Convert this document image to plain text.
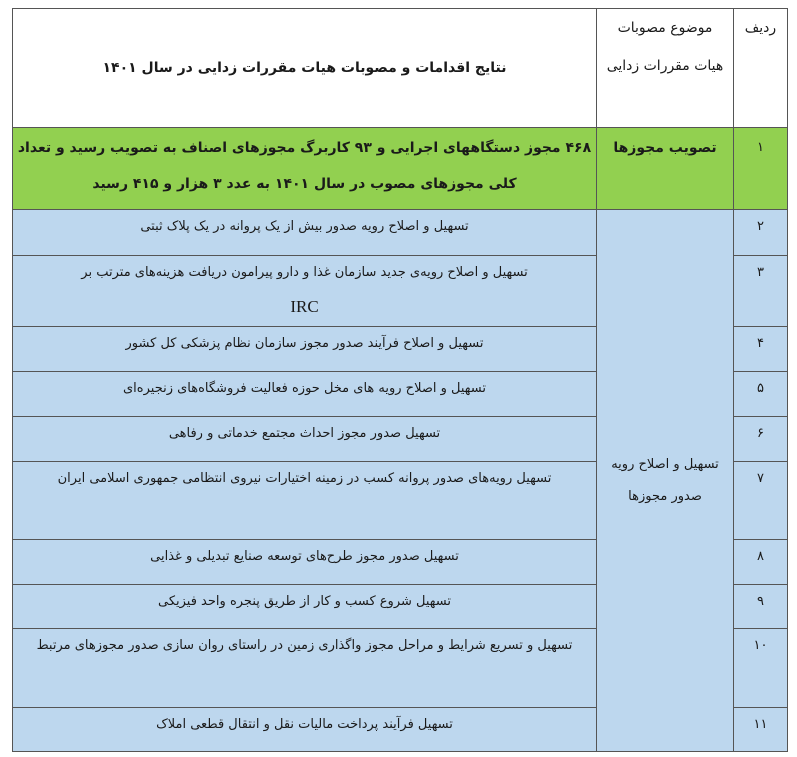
ردیف	موضوع مصوبات هیات مقررات زدایی	نتایج اقدامات و مصوبات هیات مقررات زدایی در سال ۱۴۰۱
۱	تصویب مجوزها	۴۶۸ مجوز دستگاههای اجرایی و ۹۳ کاربرگ مجوزهای اصناف به تصویب رسید و تعداد کلی مجوزهای مصوب در سال ۱۴۰۱ به عدد ۳ هزار و ۴۱۵ رسید
۲	تسهیل و اصلاح رویه صدور مجوزها	تسهیل و اصلاح رویه صدور بیش از یک پروانه در یک پلاک ثبتی
۳		تسهیل و اصلاح رویه‌ی جدید سازمان غذا و دارو پیرامون دریافت هزینه‌های مترتب بر
IRC
۴		تسهیل و اصلاح فرآیند صدور مجوز سازمان نظام پزشکی کل کشور
۵		تسهیل و اصلاح رویه های مخل حوزه فعالیت فروشگاه‌های زنجیره‌ای
۶		تسهیل صدور مجوز احداث مجتمع خدماتی و رفاهی
۷		تسهیل رویه‌های صدور پروانه کسب در زمینه اختیارات نیروی انتظامی جمهوری اسلامی ایران
۸		تسهیل صدور مجوز طرح‌های توسعه صنایع تبدیلی و غذایی
۹		تسهیل شروع کسب و کار از طریق پنجره واحد فیزیکی
۱۰		تسهیل و تسریع شرایط و مراحل مجوز واگذاری زمین در راستای روان سازی صدور مجوزهای مرتبط
۱۱		تسهیل فرآیند پرداخت مالیات نقل و انتقال قطعی املاک
